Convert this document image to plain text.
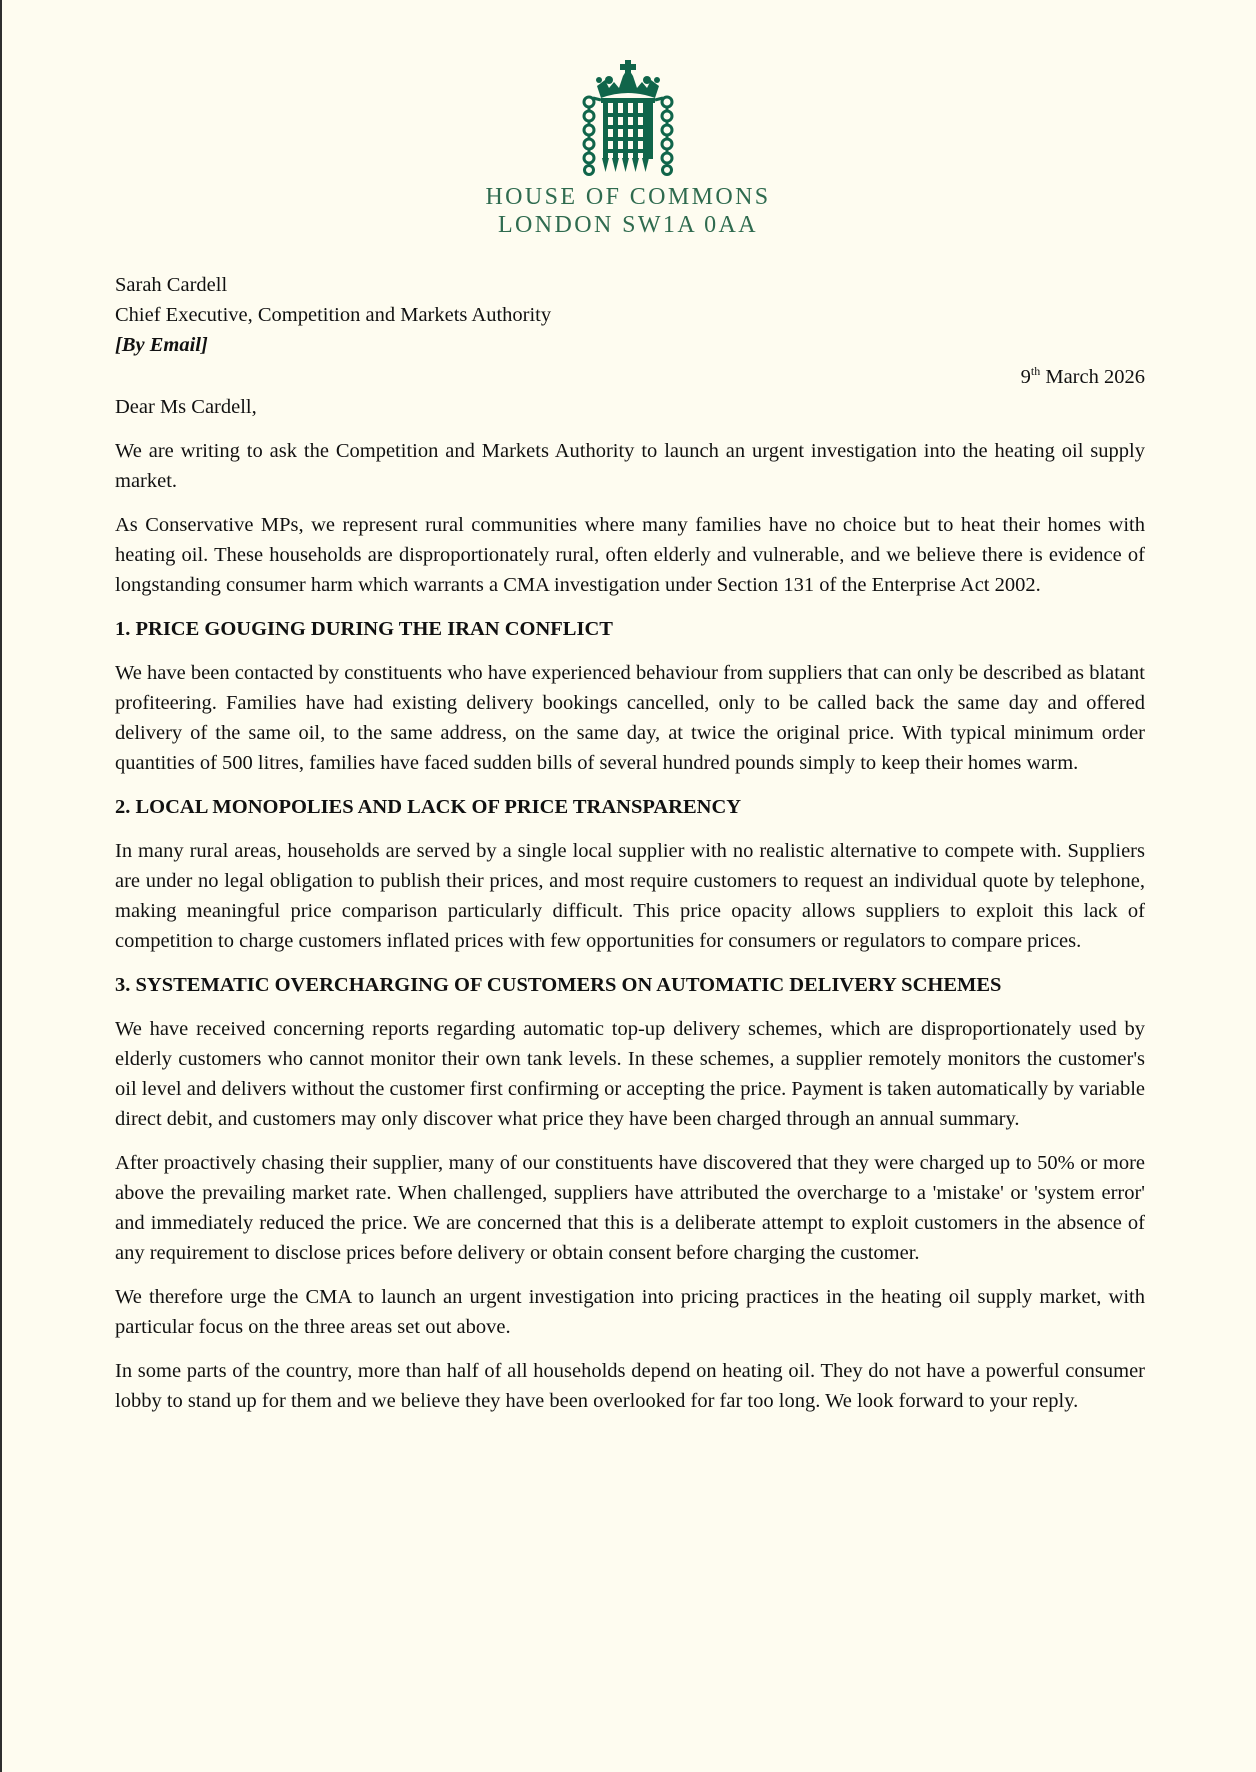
HOUSE OF COMMONS
LONDON SW1A 0AA

Sarah Cardell

Chief Executive, Competition and Markets Authority

[By Email]

9th March 2026

Dear Ms Cardell,

We are writing to ask the Competition and Markets Authority to launch an urgent investigation into the heating oil supply market.

As Conservative MPs, we represent rural communities where many families have no choice but to heat their homes with heating oil. These households are disproportionately rural, often elderly and vulnerable, and we believe there is evidence of longstanding consumer harm which warrants a CMA investigation under Section 131 of the Enterprise Act 2002.

1. PRICE GOUGING DURING THE IRAN CONFLICT

We have been contacted by constituents who have experienced behaviour from suppliers that can only be described as blatant profiteering. Families have had existing delivery bookings cancelled, only to be called back the same day and offered delivery of the same oil, to the same address, on the same day, at twice the original price. With typical minimum order quantities of 500 litres, families have faced sudden bills of several hundred pounds simply to keep their homes warm.

2. LOCAL MONOPOLIES AND LACK OF PRICE TRANSPARENCY

In many rural areas, households are served by a single local supplier with no realistic alternative to compete with. Suppliers are under no legal obligation to publish their prices, and most require customers to request an individual quote by telephone, making meaningful price comparison particularly difficult. This price opacity allows suppliers to exploit this lack of competition to charge customers inflated prices with few opportunities for consumers or regulators to compare prices.

3. SYSTEMATIC OVERCHARGING OF CUSTOMERS ON AUTOMATIC DELIVERY SCHEMES

We have received concerning reports regarding automatic top-up delivery schemes, which are disproportionately used by elderly customers who cannot monitor their own tank levels. In these schemes, a supplier remotely monitors the customer's oil level and delivers without the customer first confirming or accepting the price. Payment is taken automatically by variable direct debit, and customers may only discover what price they have been charged through an annual summary.

After proactively chasing their supplier, many of our constituents have discovered that they were charged up to 50% or more above the prevailing market rate. When challenged, suppliers have attributed the overcharge to a 'mistake' or 'system error' and immediately reduced the price. We are concerned that this is a deliberate attempt to exploit customers in the absence of any requirement to disclose prices before delivery or obtain consent before charging the customer.

We therefore urge the CMA to launch an urgent investigation into pricing practices in the heating oil supply market, with particular focus on the three areas set out above.

In some parts of the country, more than half of all households depend on heating oil. They do not have a powerful consumer lobby to stand up for them and we believe they have been overlooked for far too long. We look forward to your reply.
